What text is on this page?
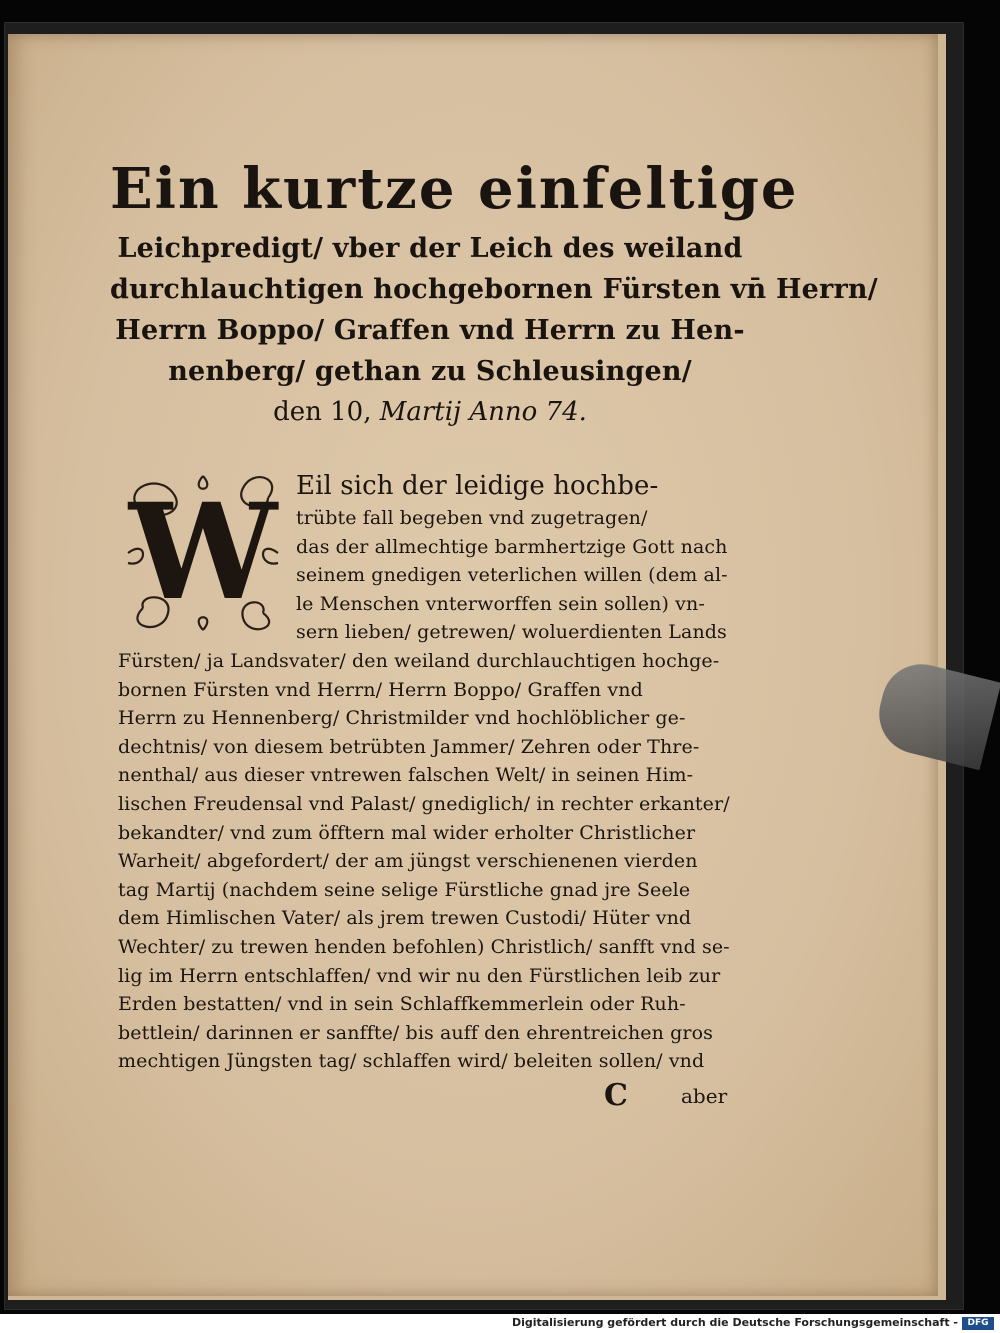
Ein kurtze einfeltige
Leichpredigt/ vber der Leich des weiland
durchlauchtigen hochgebornen Fürsten vn̄ Herrn/
Herrn Boppo/ Graffen vnd Herrn zu Hen-
nenberg/ gethan zu Schleusingen/
den 10, Martij Anno 74.
W Eil sich der leidige hochbe-
trübte fall begeben vnd zugetragen/
das der allmechtige barmhertzige Gott nach
seinem gnedigen veterlichen willen (dem al-
le Menschen vnterworffen sein sollen) vn-
sern lieben/ getrewen/ woluerdienten Lands
Fürsten/ ja Landsvater/ den weiland durchlauchtigen hochge-
bornen Fürsten vnd Herrn/ Herrn Boppo/ Graffen vnd
Herrn zu Hennenberg/ Christmilder vnd hochlöblicher ge-
dechtnis/ von diesem betrübten Jammer/ Zehren oder Thre-
nenthal/ aus dieser vntrewen falschen Welt/ in seinen Him-
lischen Freudensal vnd Palast/ gnediglich/ in rechter erkanter/
bekandter/ vnd zum öfftern mal wider erholter Christlicher
Warheit/ abgefordert/ der am jüngst verschienenen vierden
tag Martij (nachdem seine selige Fürstliche gnad jre Seele
dem Himlischen Vater/ als jrem trewen Custodi/ Hüter vnd
Wechter/ zu trewen henden befohlen) Christlich/ sanfft vnd se-
lig im Herrn entschlaffen/ vnd wir nu den Fürstlichen leib zur
Erden bestatten/ vnd in sein Schlaffkemmerlein oder Ruh-
bettlein/ darinnen er sanffte/ bis auff den ehrentreichen gros
mechtigen Jüngsten tag/ schlaffen wird/ beleiten sollen/ vnd
C	aber
Digitalisierung gefördert durch die Deutsche Forschungsgemeinschaft -	DFG
